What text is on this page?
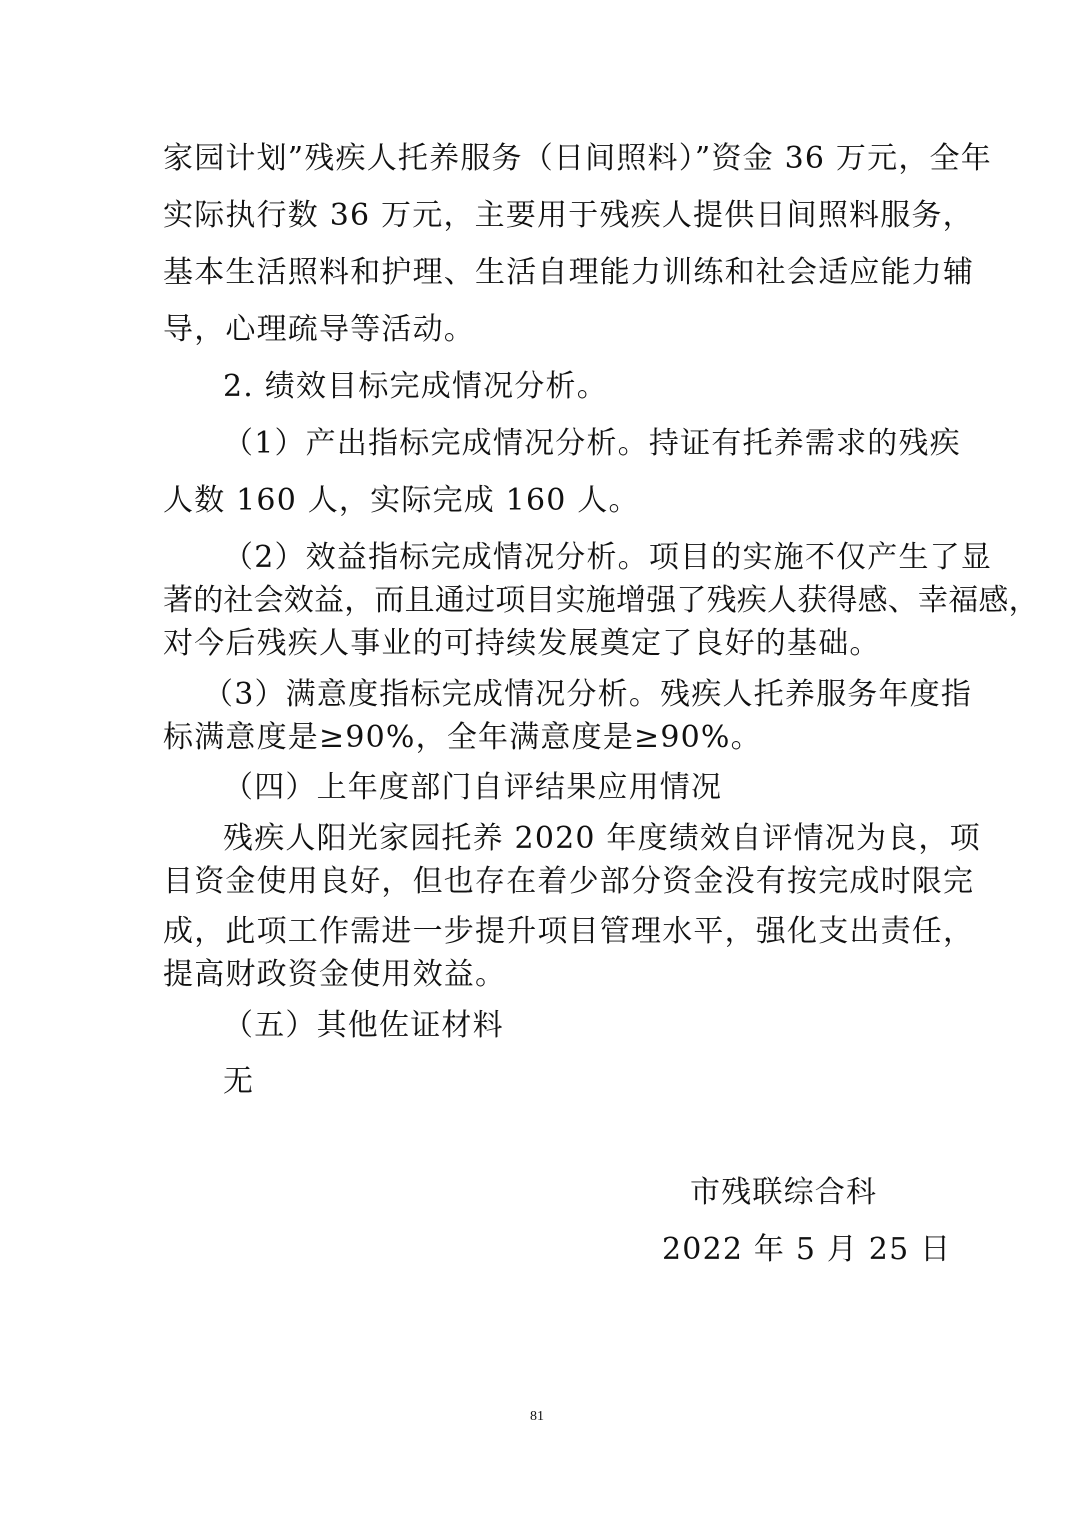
家园计划”残疾人托养服务（日间照料）”资金 36 万元，全年
实际执行数 36 万元，主要用于残疾人提供日间照料服务，
基本生活照料和护理、生活自理能力训练和社会适应能力辅
导，心理疏导等活动。
2. 绩效目标完成情况分析。
（1）产出指标完成情况分析。持证有托养需求的残疾
人数 160 人，实际完成 160 人。
（2）效益指标完成情况分析。项目的实施不仅产生了显
著的社会效益，而且通过项目实施增强了残疾人获得感、幸福感，
对今后残疾人事业的可持续发展奠定了良好的基础。
（3）满意度指标完成情况分析。残疾人托养服务年度指
标满意度是≥90%，全年满意度是≥90%。
（四）上年度部门自评结果应用情况
残疾人阳光家园托养 2020 年度绩效自评情况为良，项
目资金使用良好，但也存在着少部分资金没有按完成时限完
成，此项工作需进一步提升项目管理水平，强化支出责任，
提高财政资金使用效益。
（五）其他佐证材料
无
市残联综合科
2022 年 5 月 25 日
81
